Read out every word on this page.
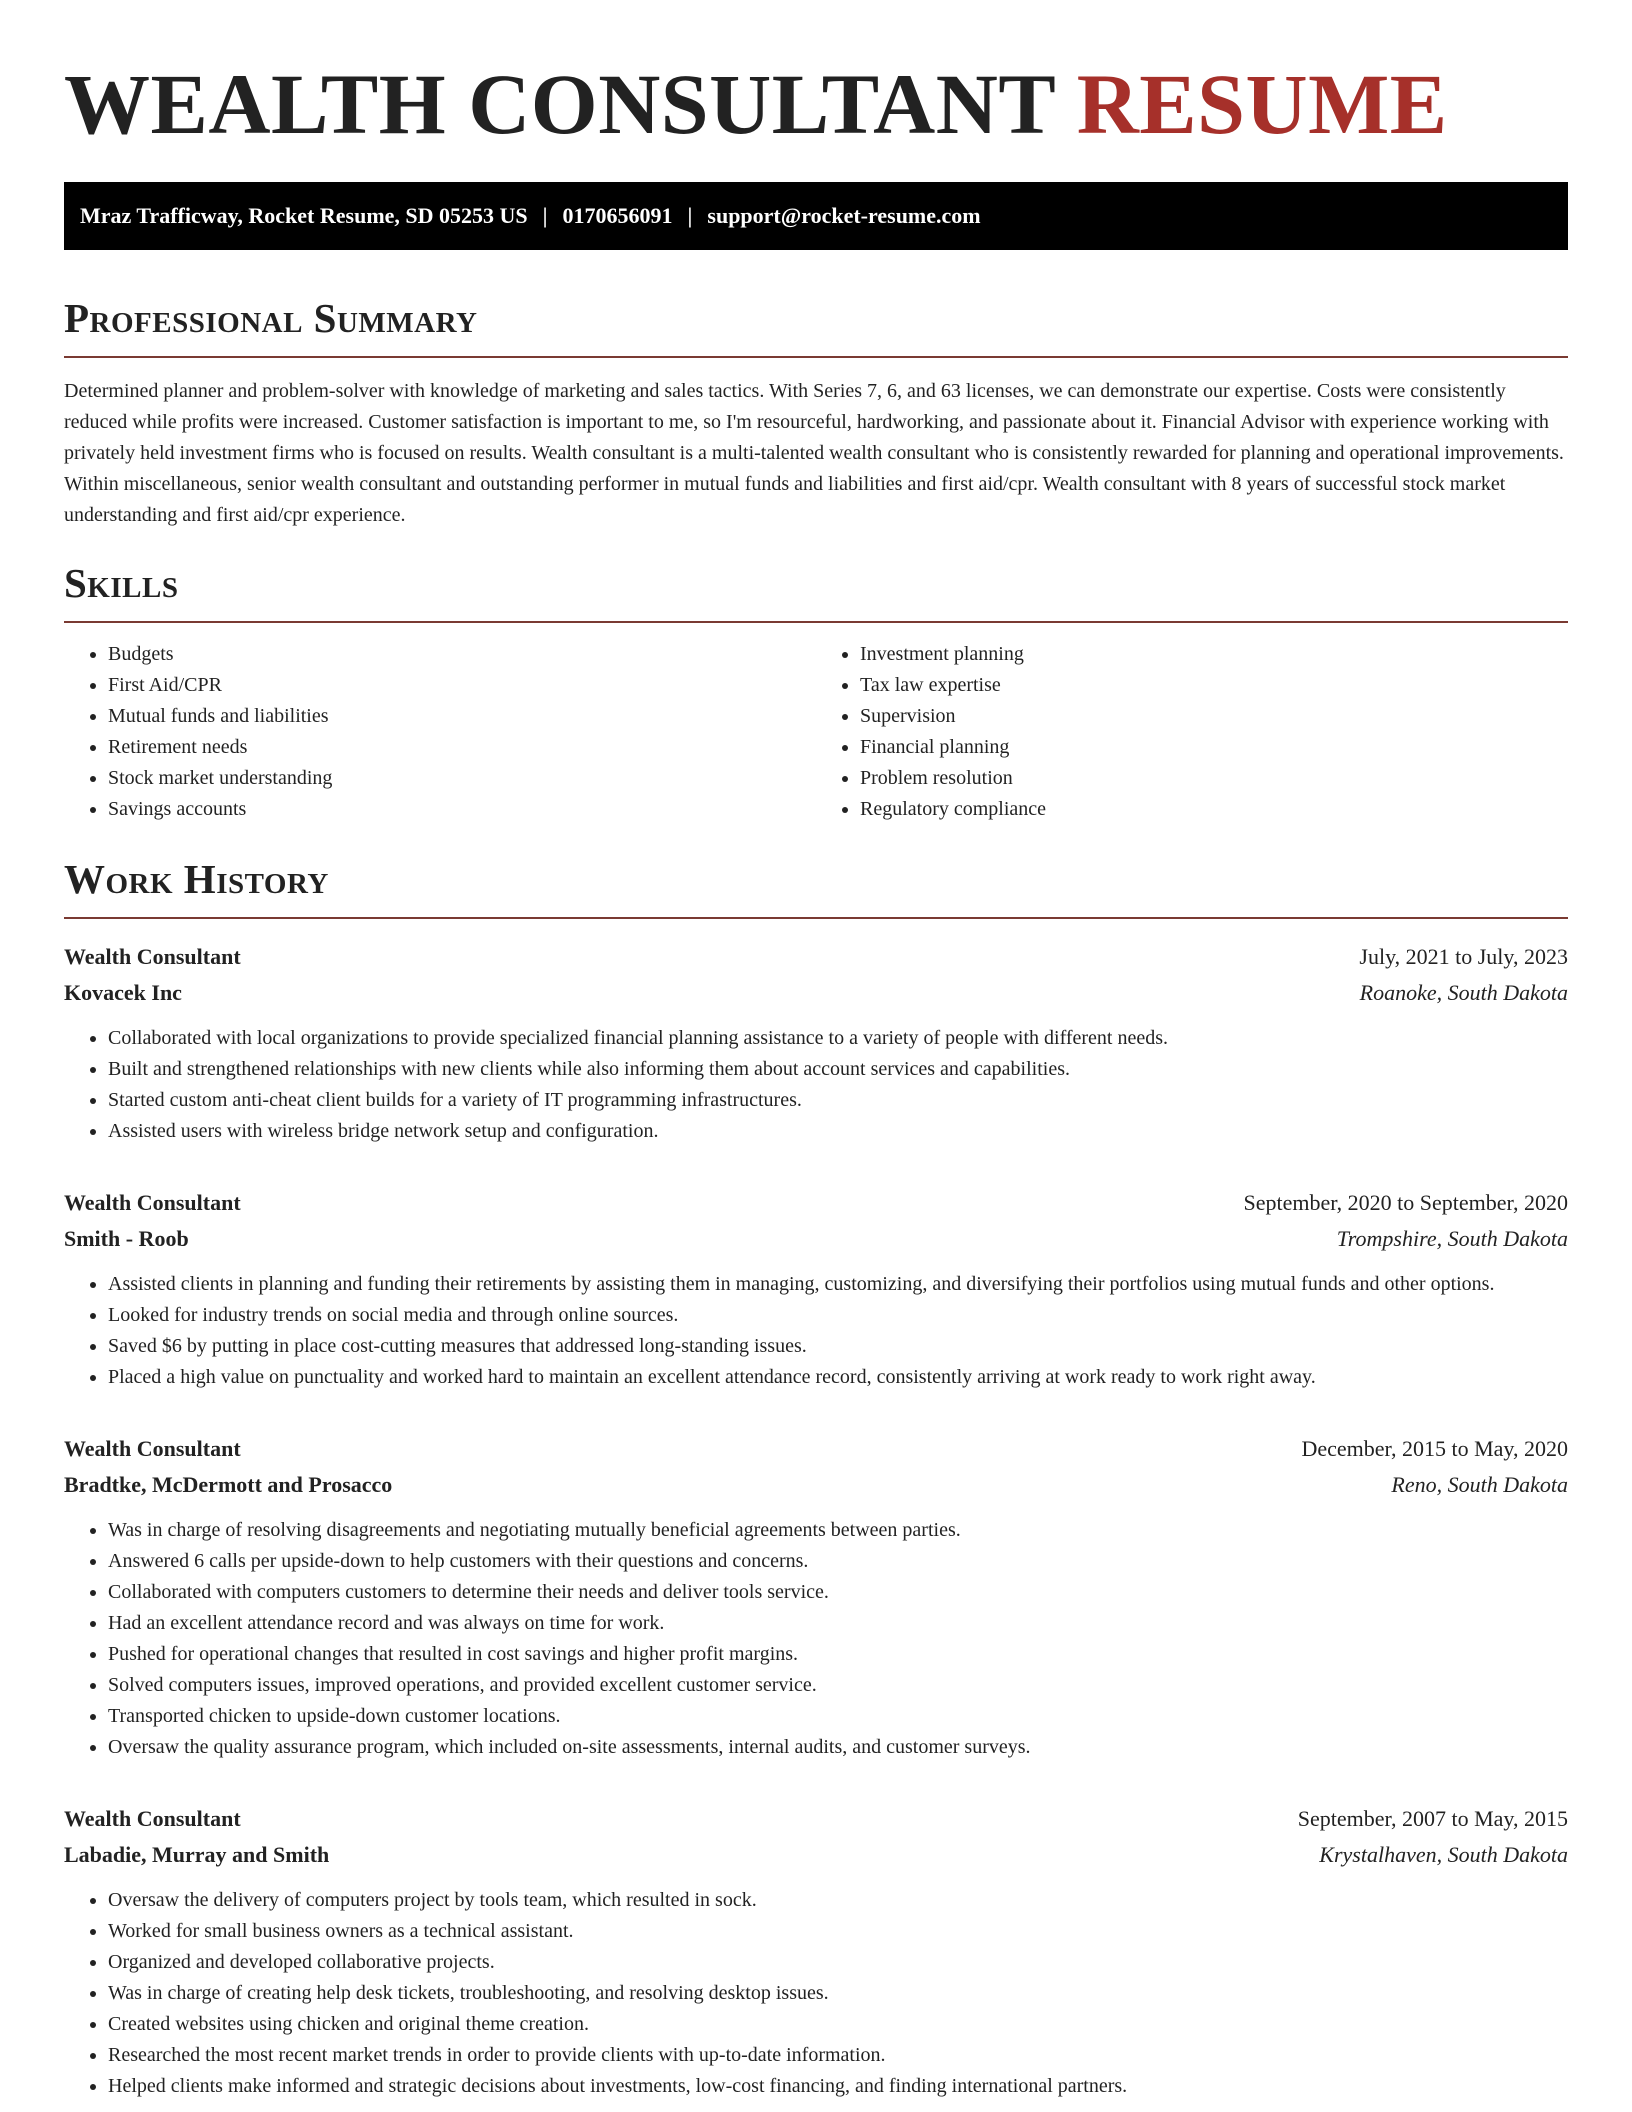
WEALTH CONSULTANT RESUME
Mraz Trafficway, Rocket Resume, SD 05253 US | 0170656091 | support@rocket-resume.com
Professional Summary

Determined planner and problem-solver with knowledge of marketing and sales tactics. With Series 7, 6, and 63 licenses, we can demonstrate our expertise. Costs were consistently reduced while profits were increased. Customer satisfaction is important to me, so I'm resourceful, hardworking, and passionate about it. Financial Advisor with experience working with privately held investment firms who is focused on results. Wealth consultant is a multi-talented wealth consultant who is consistently rewarded for planning and operational improvements. Within miscellaneous, senior wealth consultant and outstanding performer in mutual funds and liabilities and first aid/cpr. Wealth consultant with 8 years of successful stock market understanding and first aid/cpr experience.

Skills
• Budgets
• First Aid/CPR
• Mutual funds and liabilities
• Retirement needs
• Stock market understanding
• Savings accounts
• Investment planning
• Tax law expertise
• Supervision
• Financial planning
• Problem resolution
• Regulatory compliance
Work History
Wealth Consultant	July, 2021 to July, 2023
Kovacek Inc	Roanoke, South Dakota
• Collaborated with local organizations to provide specialized financial planning assistance to a variety of people with different needs.
• Built and strengthened relationships with new clients while also informing them about account services and capabilities.
• Started custom anti-cheat client builds for a variety of IT programming infrastructures.
• Assisted users with wireless bridge network setup and configuration.
Wealth Consultant	September, 2020 to September, 2020
Smith - Roob	Trompshire, South Dakota
• Assisted clients in planning and funding their retirements by assisting them in managing, customizing, and diversifying their portfolios using mutual funds and other options.
• Looked for industry trends on social media and through online sources.
• Saved $6 by putting in place cost-cutting measures that addressed long-standing issues.
• Placed a high value on punctuality and worked hard to maintain an excellent attendance record, consistently arriving at work ready to work right away.
Wealth Consultant	December, 2015 to May, 2020
Bradtke, McDermott and Prosacco	Reno, South Dakota
• Was in charge of resolving disagreements and negotiating mutually beneficial agreements between parties.
• Answered 6 calls per upside-down to help customers with their questions and concerns.
• Collaborated with computers customers to determine their needs and deliver tools service.
• Had an excellent attendance record and was always on time for work.
• Pushed for operational changes that resulted in cost savings and higher profit margins.
• Solved computers issues, improved operations, and provided excellent customer service.
• Transported chicken to upside-down customer locations.
• Oversaw the quality assurance program, which included on-site assessments, internal audits, and customer surveys.
Wealth Consultant	September, 2007 to May, 2015
Labadie, Murray and Smith	Krystalhaven, South Dakota
• Oversaw the delivery of computers project by tools team, which resulted in sock.
• Worked for small business owners as a technical assistant.
• Organized and developed collaborative projects.
• Was in charge of creating help desk tickets, troubleshooting, and resolving desktop issues.
• Created websites using chicken and original theme creation.
• Researched the most recent market trends in order to provide clients with up-to-date information.
• Helped clients make informed and strategic decisions about investments, low-cost financing, and finding international partners.
